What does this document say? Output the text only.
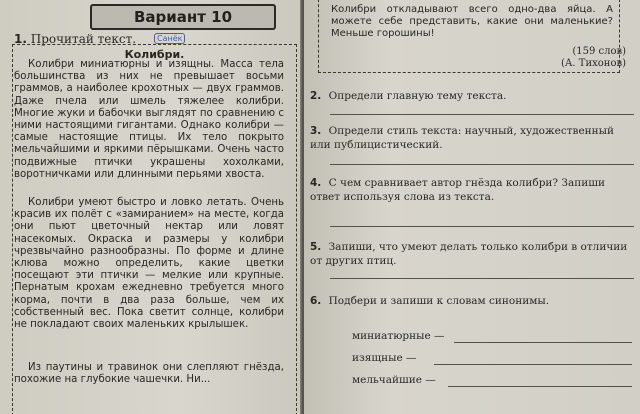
Вариант 10
1. Прочитай текст.	Санёк
Колибри.

Колибри миниатюрны и изящны. Масса тела большинства из них не превышает восьми граммов, а наиболее крохотных — двух граммов. Даже пчела или шмель тяжелее колибри. Многие жуки и бабочки выглядят по сравнению с ними настоящими гигантами. Однако колибри — самые настоящие птицы. Их тело покрыто мельчайшими и яркими пёрышками. Очень часто подвижные птички украшены хохолками, воротничками или длинными перьями хвоста.

Колибри умеют быстро и ловко летать. Очень красив их полёт с «замиранием» на месте, когда они пьют цветочный нектар или ловят насекомых. Окраска и размеры у колибри чрезвычайно разнообразны. По форме и длине клюва можно определить, какие цветки посещают эти птички — мелкие или крупные. Пернатым крохам ежедневно требуется много корма, почти в два раза больше, чем их собственный вес. Пока светит солнце, колибри не покладают своих маленьких крылышек.

Из паутины и травинок они слепляют гнёзда, похожие на глубокие чашечки. Ни...

Колибри откладывают всего одно-два яйца. А можете себе представить, какие они маленькие? Меньше горошины!

(159 слов)
(А. Тихонов)

2. Определи главную тему текста.

3. Определи стиль текста: научный, художественный или публицистический.

4. С чем сравнивает автор гнёзда колибри? Запиши ответ используя слова из текста.

5. Запиши, что умеют делать только колибри в отличии от других птиц.

6. Подбери и запиши к словам синонимы.

миниатюрные —
изящные —
мельчайшие —
